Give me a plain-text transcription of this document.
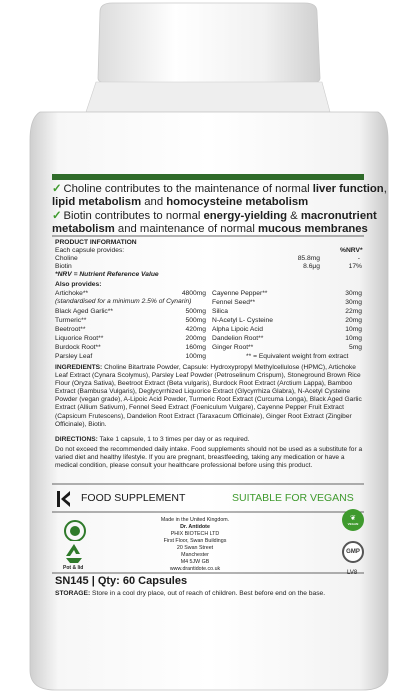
✓ Choline contributes to the maintenance of normal liver function,
lipid metabolism and homocysteine metabolism
✓ Biotin contributes to normal energy-yielding & macronutrient
metabolism and maintenance of normal mucous membranes
PRODUCT INFORMATION
Each capsule provides:	%NRV*
Choline	85.8mg	-
Biotin	8.6μg	17%
*NRV = Nutrient Reference Value
Also provides:
Artichoke**	4800mg
(standardised for a minimum 2.5% of Cynarin)
Black Aged Garlic**	500mg
Turmeric**	500mg
Beetroot**	420mg
Liquorice Root**	200mg
Burdock Root**	160mg
Parsley Leaf	100mg
Cayenne Pepper**	30mg
Fennel Seed**	30mg
Silica	22mg
N-Acetyl L- Cysteine	20mg
Alpha Lipoic Acid	10mg
Dandelion Root**	10mg
Ginger Root**	5mg
** = Equivalent weight from extract
INGREDIENTS: Choline Bitartrate Powder, Capsule: Hydroxypropyl Methylcellulose (HPMC), Artichoke Leaf Extract (Cynara Scolymus), Parsley Leaf Powder (Petroselinum Crispum), Stoneground Brown Rice Flour (Oryza Sativa), Beetroot Extract (Beta vulgaris), Burdock Root Extract (Arctium Lappa), Bamboo Extract (Bambusa Vulgaris), Deglycyrrhized Liquorice Extract (Glycyrrhiza Glabra), N-Acetyl Cysteine Powder (vegan grade), A-Lipoic Acid Powder, Turmeric Root Extract (Curcuma Longa), Black Aged Garlic Extract (Allium Sativum), Fennel Seed Extract (Foeniculum Vulgare), Cayenne Pepper Fruit Extract (Capsicum Frutescens), Dandelion Root Extract (Taraxacum Officinale), Ginger Root Extract (Zingiber Officinale), Biotin.
DIRECTIONS: Take 1 capsule, 1 to 3 times per day or as required.
Do not exceed the recommended daily intake. Food supplements should not be used as a substitute for a varied diet and healthy lifestyle. If you are pregnant, breastfeeding, taking any medication or have a medical condition, please consult your healthcare professional before using this product.
FOOD SUPPLEMENT	SUITABLE FOR VEGANS
Pot & lid
Made in the United Kingdom.
Dr. Antidote
PHIX BIOTECH LTD
First Floor, Swan Buildings
20 Swan Street
Manchester
M4 5JW GB
www.drantidote.co.uk
❦
VEGAN
GMP
LV8
SN145 | Qty: 60 Capsules
STORAGE: Store in a cool dry place, out of reach of children. Best before end on the base.
